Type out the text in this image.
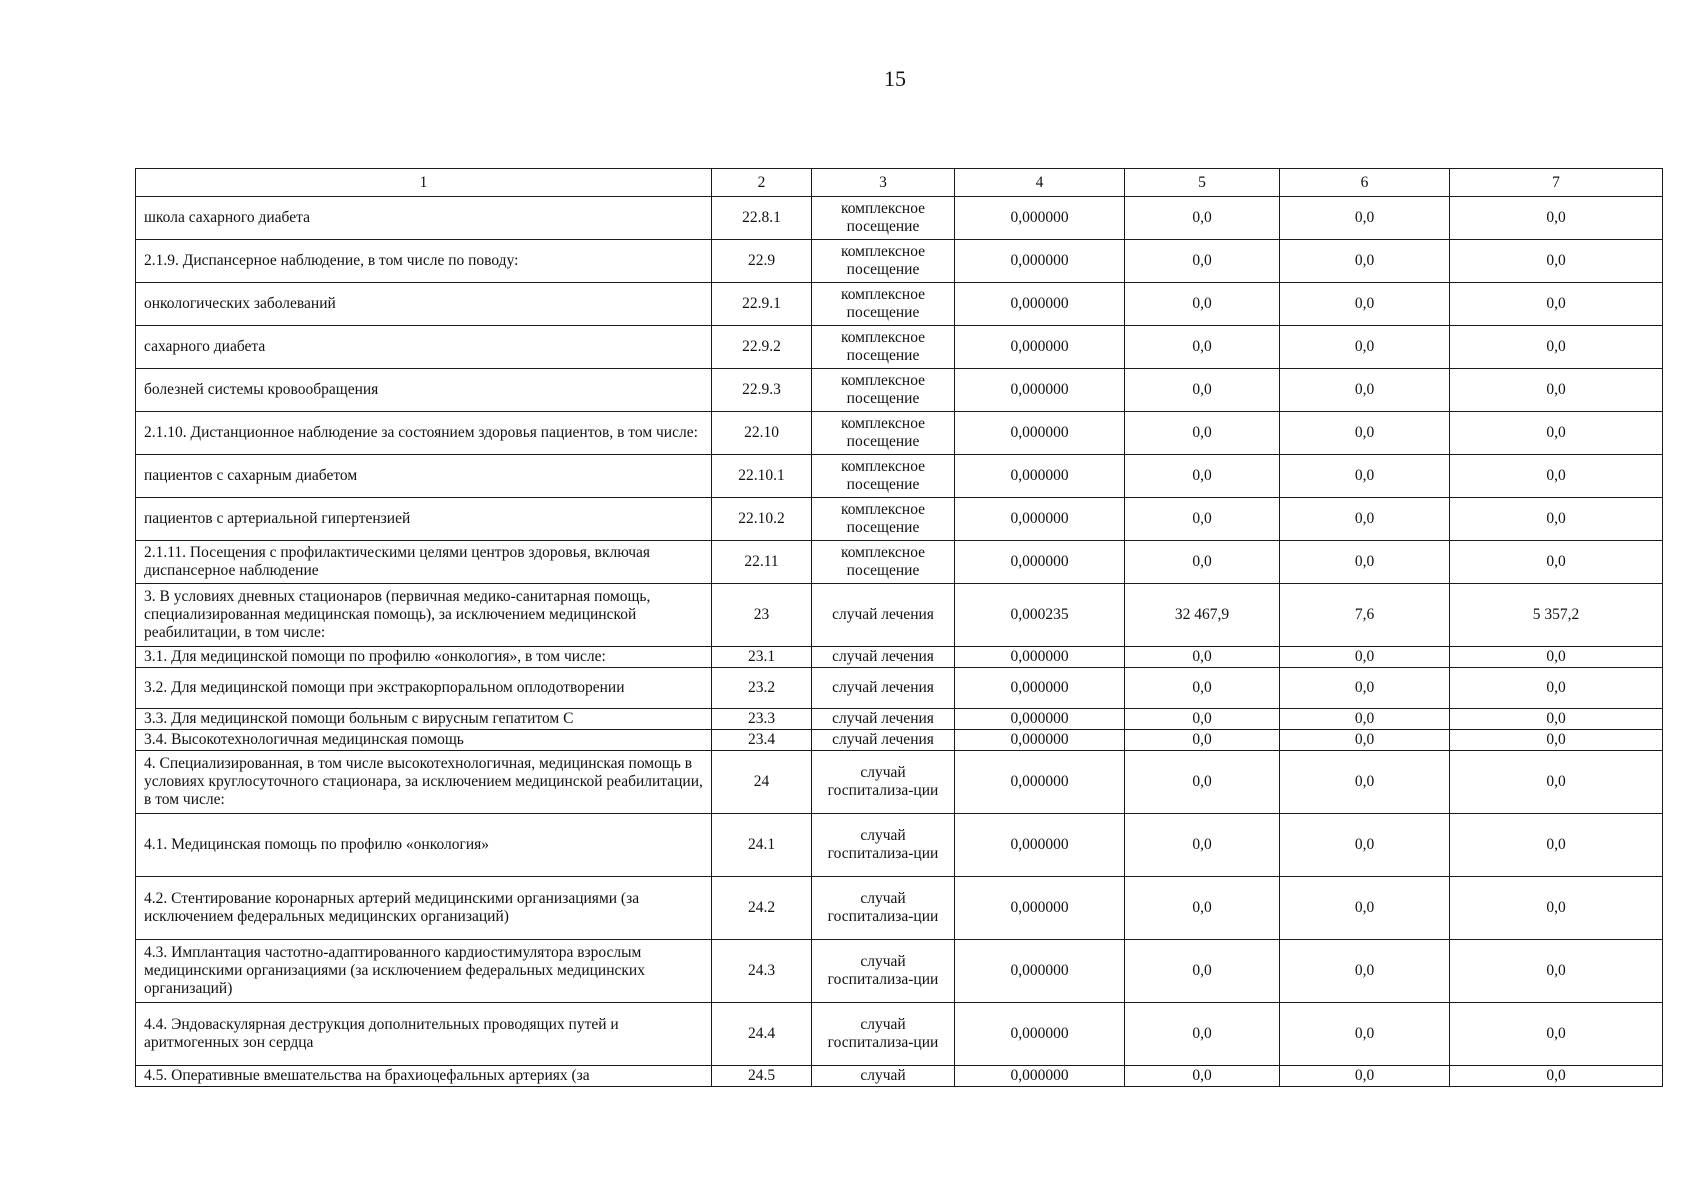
15
1	2	3	4	5	6	7
школа сахарного диабета	22.8.1	комплексное посещение	0,000000	0,0	0,0	0,0
2.1.9. Диспансерное наблюдение, в том числе по поводу:	22.9	комплексное посещение	0,000000	0,0	0,0	0,0
онкологических заболеваний	22.9.1	комплексное посещение	0,000000	0,0	0,0	0,0
сахарного диабета	22.9.2	комплексное посещение	0,000000	0,0	0,0	0,0
болезней системы кровообращения	22.9.3	комплексное посещение	0,000000	0,0	0,0	0,0
2.1.10. Дистанционное наблюдение за состоянием здоровья пациентов, в том числе:	22.10	комплексное посещение	0,000000	0,0	0,0	0,0
пациентов с сахарным диабетом	22.10.1	комплексное посещение	0,000000	0,0	0,0	0,0
пациентов с артериальной гипертензией	22.10.2	комплексное посещение	0,000000	0,0	0,0	0,0
2.1.11. Посещения с профилактическими целями центров здоровья, включая диспансерное наблюдение	22.11	комплексное посещение	0,000000	0,0	0,0	0,0
3. В условиях дневных стационаров (первичная медико-санитарная помощь, специализированная медицинская помощь), за исключением медицинской реабилитации, в том числе:	23	случай лечения	0,000235	32 467,9	7,6	5 357,2
3.1. Для медицинской помощи по профилю «онкология», в том числе:	23.1	случай лечения	0,000000	0,0	0,0	0,0
3.2. Для медицинской помощи при экстракорпоральном оплодотворении	23.2	случай лечения	0,000000	0,0	0,0	0,0
3.3. Для медицинской помощи больным с вирусным гепатитом С	23.3	случай лечения	0,000000	0,0	0,0	0,0
3.4. Высокотехнологичная медицинская помощь	23.4	случай лечения	0,000000	0,0	0,0	0,0
4. Специализированная, в том числе высокотехнологичная, медицинская помощь в условиях круглосуточного стационара, за исключением медицинской реабилитации, в том числе:	24	случай госпитализа-ции	0,000000	0,0	0,0	0,0
4.1. Медицинская помощь по профилю «онкология»	24.1	случай госпитализа-ции	0,000000	0,0	0,0	0,0
4.2. Стентирование коронарных артерий медицинскими организациями (за исключением федеральных медицинских организаций)	24.2	случай госпитализа-ции	0,000000	0,0	0,0	0,0
4.3. Имплантация частотно-адаптированного кардиостимулятора взрослым медицинскими организациями (за исключением федеральных медицинских организаций)	24.3	случай госпитализа-ции	0,000000	0,0	0,0	0,0
4.4. Эндоваскулярная деструкция дополнительных проводящих путей и аритмогенных зон сердца	24.4	случай госпитализа-ции	0,000000	0,0	0,0	0,0
4.5. Оперативные вмешательства на брахиоцефальных артериях (за	24.5	случай	0,000000	0,0	0,0	0,0
